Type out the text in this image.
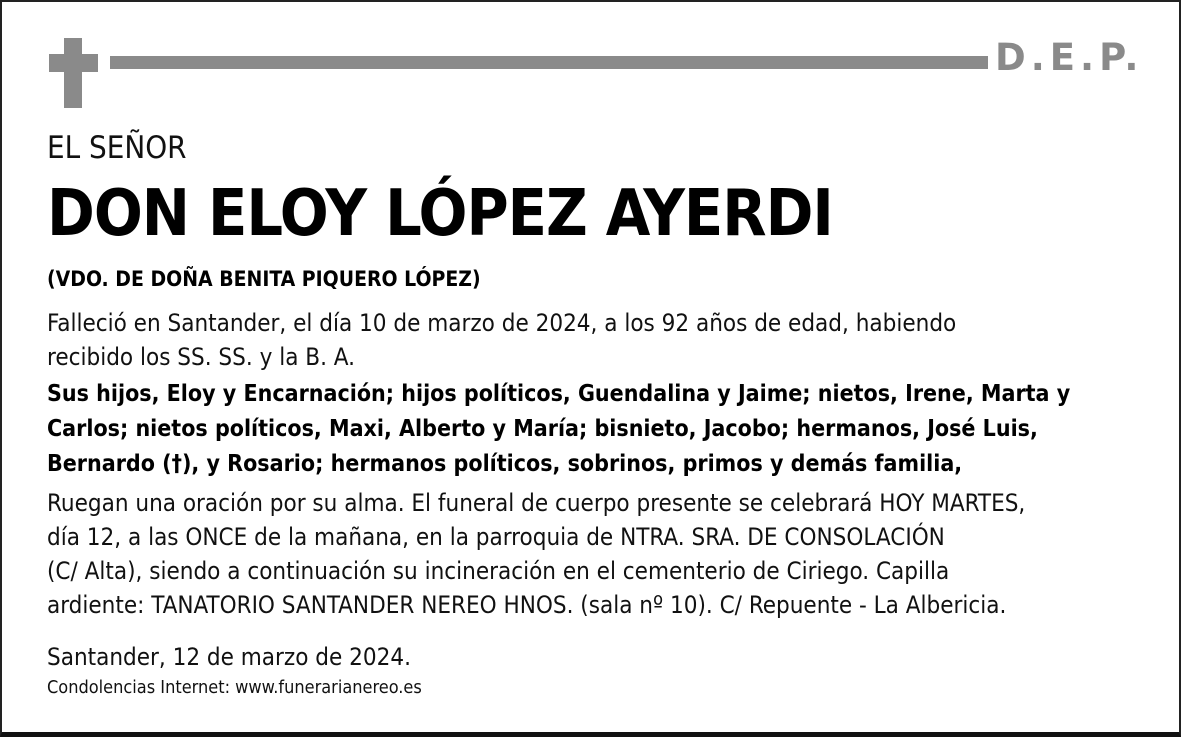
D.E.P.
EL SEÑOR
DON ELOY LÓPEZ AYERDI
(VDO. DE DOÑA BENITA PIQUERO LÓPEZ)
Falleció en Santander, el día 10 de marzo de 2024, a los 92 años de edad, habiendo
recibido los SS. SS. y la B. A.
Sus hijos, Eloy y Encarnación; hijos políticos, Guendalina y Jaime; nietos, Irene, Marta y
Carlos; nietos políticos, Maxi, Alberto y María; bisnieto, Jacobo; hermanos, José Luis,
Bernardo (†), y Rosario; hermanos políticos, sobrinos, primos y demás familia,
Ruegan una oración por su alma. El funeral de cuerpo presente se celebrará HOY MARTES,
día 12, a las ONCE de la mañana, en la parroquia de NTRA. SRA. DE CONSOLACIÓN
(C/ Alta), siendo a continuación su incineración en el cementerio de Ciriego. Capilla
ardiente: TANATORIO SANTANDER NEREO HNOS. (sala nº 10). C/ Repuente - La Albericia.
Santander, 12 de marzo de 2024.
Condolencias Internet: www.funerarianereo.es
